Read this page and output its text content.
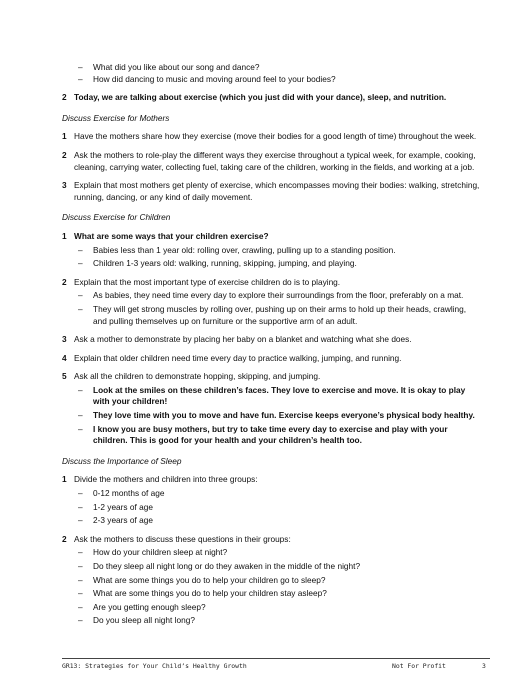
– What did you like about our song and dance?
– How did dancing to music and moving around feel to your bodies?
2 Today, we are talking about exercise (which you just did with your dance), sleep, and nutrition.
Discuss Exercise for Mothers
1 Have the mothers share how they exercise (move their bodies for a good length of time) throughout the week.
2 Ask the mothers to role-play the different ways they exercise throughout a typical week, for example, cooking, cleaning, carrying water, collecting fuel, taking care of the children, working in the fields, and working at a job.
3 Explain that most mothers get plenty of exercise, which encompasses moving their bodies: walking, stretching, running, dancing, or any kind of daily movement.
Discuss Exercise for Children
1 What are some ways that your children exercise?
– Babies less than 1 year old: rolling over, crawling, pulling up to a standing position.
– Children 1-3 years old: walking, running, skipping, jumping, and playing.
2 Explain that the most important type of exercise children do is to playing.
– As babies, they need time every day to explore their surroundings from the floor, preferably on a mat.
– They will get strong muscles by rolling over, pushing up on their arms to hold up their heads, crawling, and pulling themselves up on furniture or the supportive arm of an adult.
3 Ask a mother to demonstrate by placing her baby on a blanket and watching what she does.
4 Explain that older children need time every day to practice walking, jumping, and running.
5 Ask all the children to demonstrate hopping, skipping, and jumping.
– Look at the smiles on these children’s faces. They love to exercise and move. It is okay to play with your children!
– They love time with you to move and have fun. Exercise keeps everyone’s physical body healthy.
– I know you are busy mothers, but try to take time every day to exercise and play with your children. This is good for your health and your children’s health too.
Discuss the Importance of Sleep
1 Divide the mothers and children into three groups:
– 0-12 months of age
– 1-2 years of age
– 2-3 years of age
2 Ask the mothers to discuss these questions in their groups:
– How do your children sleep at night?
– Do they sleep all night long or do they awaken in the middle of the night?
– What are some things you do to help your children go to sleep?
– What are some things you do to help your children stay asleep?
– Are you getting enough sleep?
– Do you sleep all night long?
GR13: Strategies for Your Child’s Healthy Growth	Not For Profit	3
